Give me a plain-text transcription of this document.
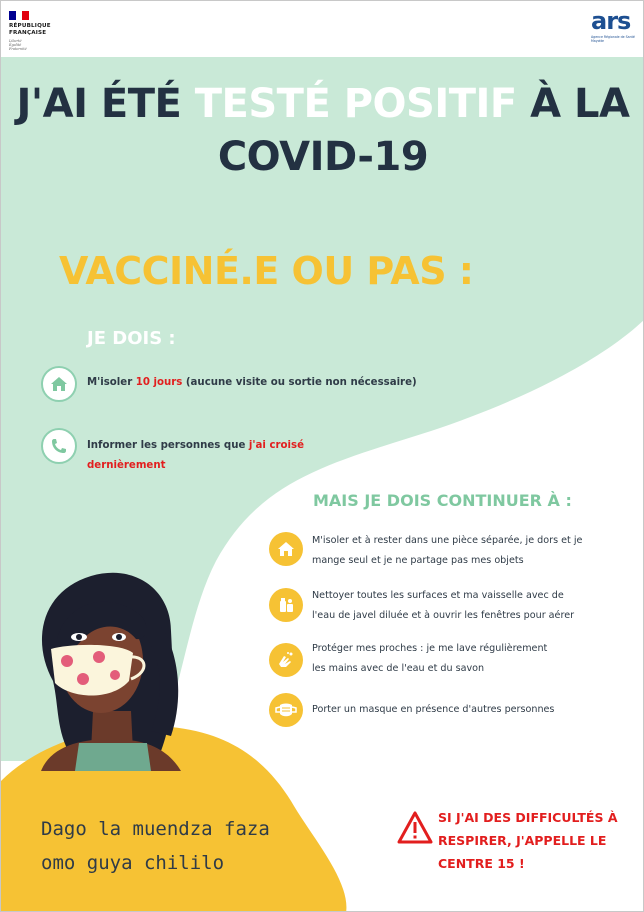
RÉPUBLIQUE
FRANÇAISE
Liberté Égalité Fraternité
ars
Agence Régionale de Santé Mayotte
J'AI ÉTÉ TESTÉ POSITIF À LA
COVID-19
VACCINÉ.E OU PAS :
JE DOIS :
M'isoler 10 jours (aucune visite ou sortie non nécessaire)
Informer les personnes que j'ai croisé
dernièrement
MAIS JE DOIS CONTINUER À :
M'isoler et à rester dans une pièce séparée, je dors et je
mange seul et je ne partage pas mes objets
Nettoyer toutes les surfaces et ma vaisselle avec de
l'eau de javel diluée et à ouvrir les fenêtres pour aérer
Protéger mes proches : je me lave régulièrement
les mains avec de l'eau et du savon
Porter un masque en présence d'autres personnes
Dago la muendza faza
omo guya chililo
SI J'AI DES DIFFICULTÉS À
RESPIRER, J'APPELLE LE
CENTRE 15 !
